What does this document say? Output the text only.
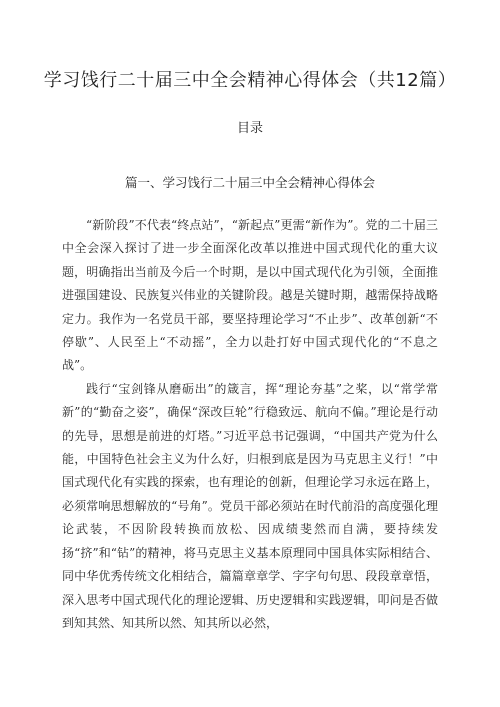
学习饯行二十届三中全会精神心得体会（共12篇）
目录
篇一、学习饯行二十届三中全会精神心得体会

“新阶段”不代表“终点站”，“新起点”更需“新作为”。党的二十届三中全会深入探讨了进一步全面深化改革以推进中国式现代化的重大议题，明确指出当前及今后一个时期，是以中国式现代化为引领，全面推进强国建设、民族复兴伟业的关键阶段。越是关键时期，越需保持战略定力。我作为一名党员干部，要坚持理论学习“不止步”、改革创新“不停歇”、人民至上“不动摇”，全力以赴打好中国式现代化的“不息之战”。

践行“宝剑锋从磨砺出”的箴言，挥“理论夯基”之桨，以“常学常新”的“勤奋之姿”，确保“深改巨轮”行稳致远、航向不偏。”理论是行动的先导，思想是前进的灯塔。”习近平总书记强调，“中国共产党为什么能，中国特色社会主义为什么好，归根到底是因为马克思主义行！”中国式现代化有实践的探索，也有理论的创新，但理论学习永远在路上，必须常响思想解放的“号角”。党员干部必须站在时代前沿的高度强化理论武装，不因阶段转换而放松、因成绩斐然而自满，要持续发扬“挤”和“钻”的精神，将马克思主义基本原理同中国具体实际相结合、同中华优秀传统文化相结合，篇篇章章学、字字句句思、段段章章悟，深入思考中国式现代化的理论逻辑、历史逻辑和实践逻辑，叩问是否做到知其然、知其所以然、知其所以必然，
